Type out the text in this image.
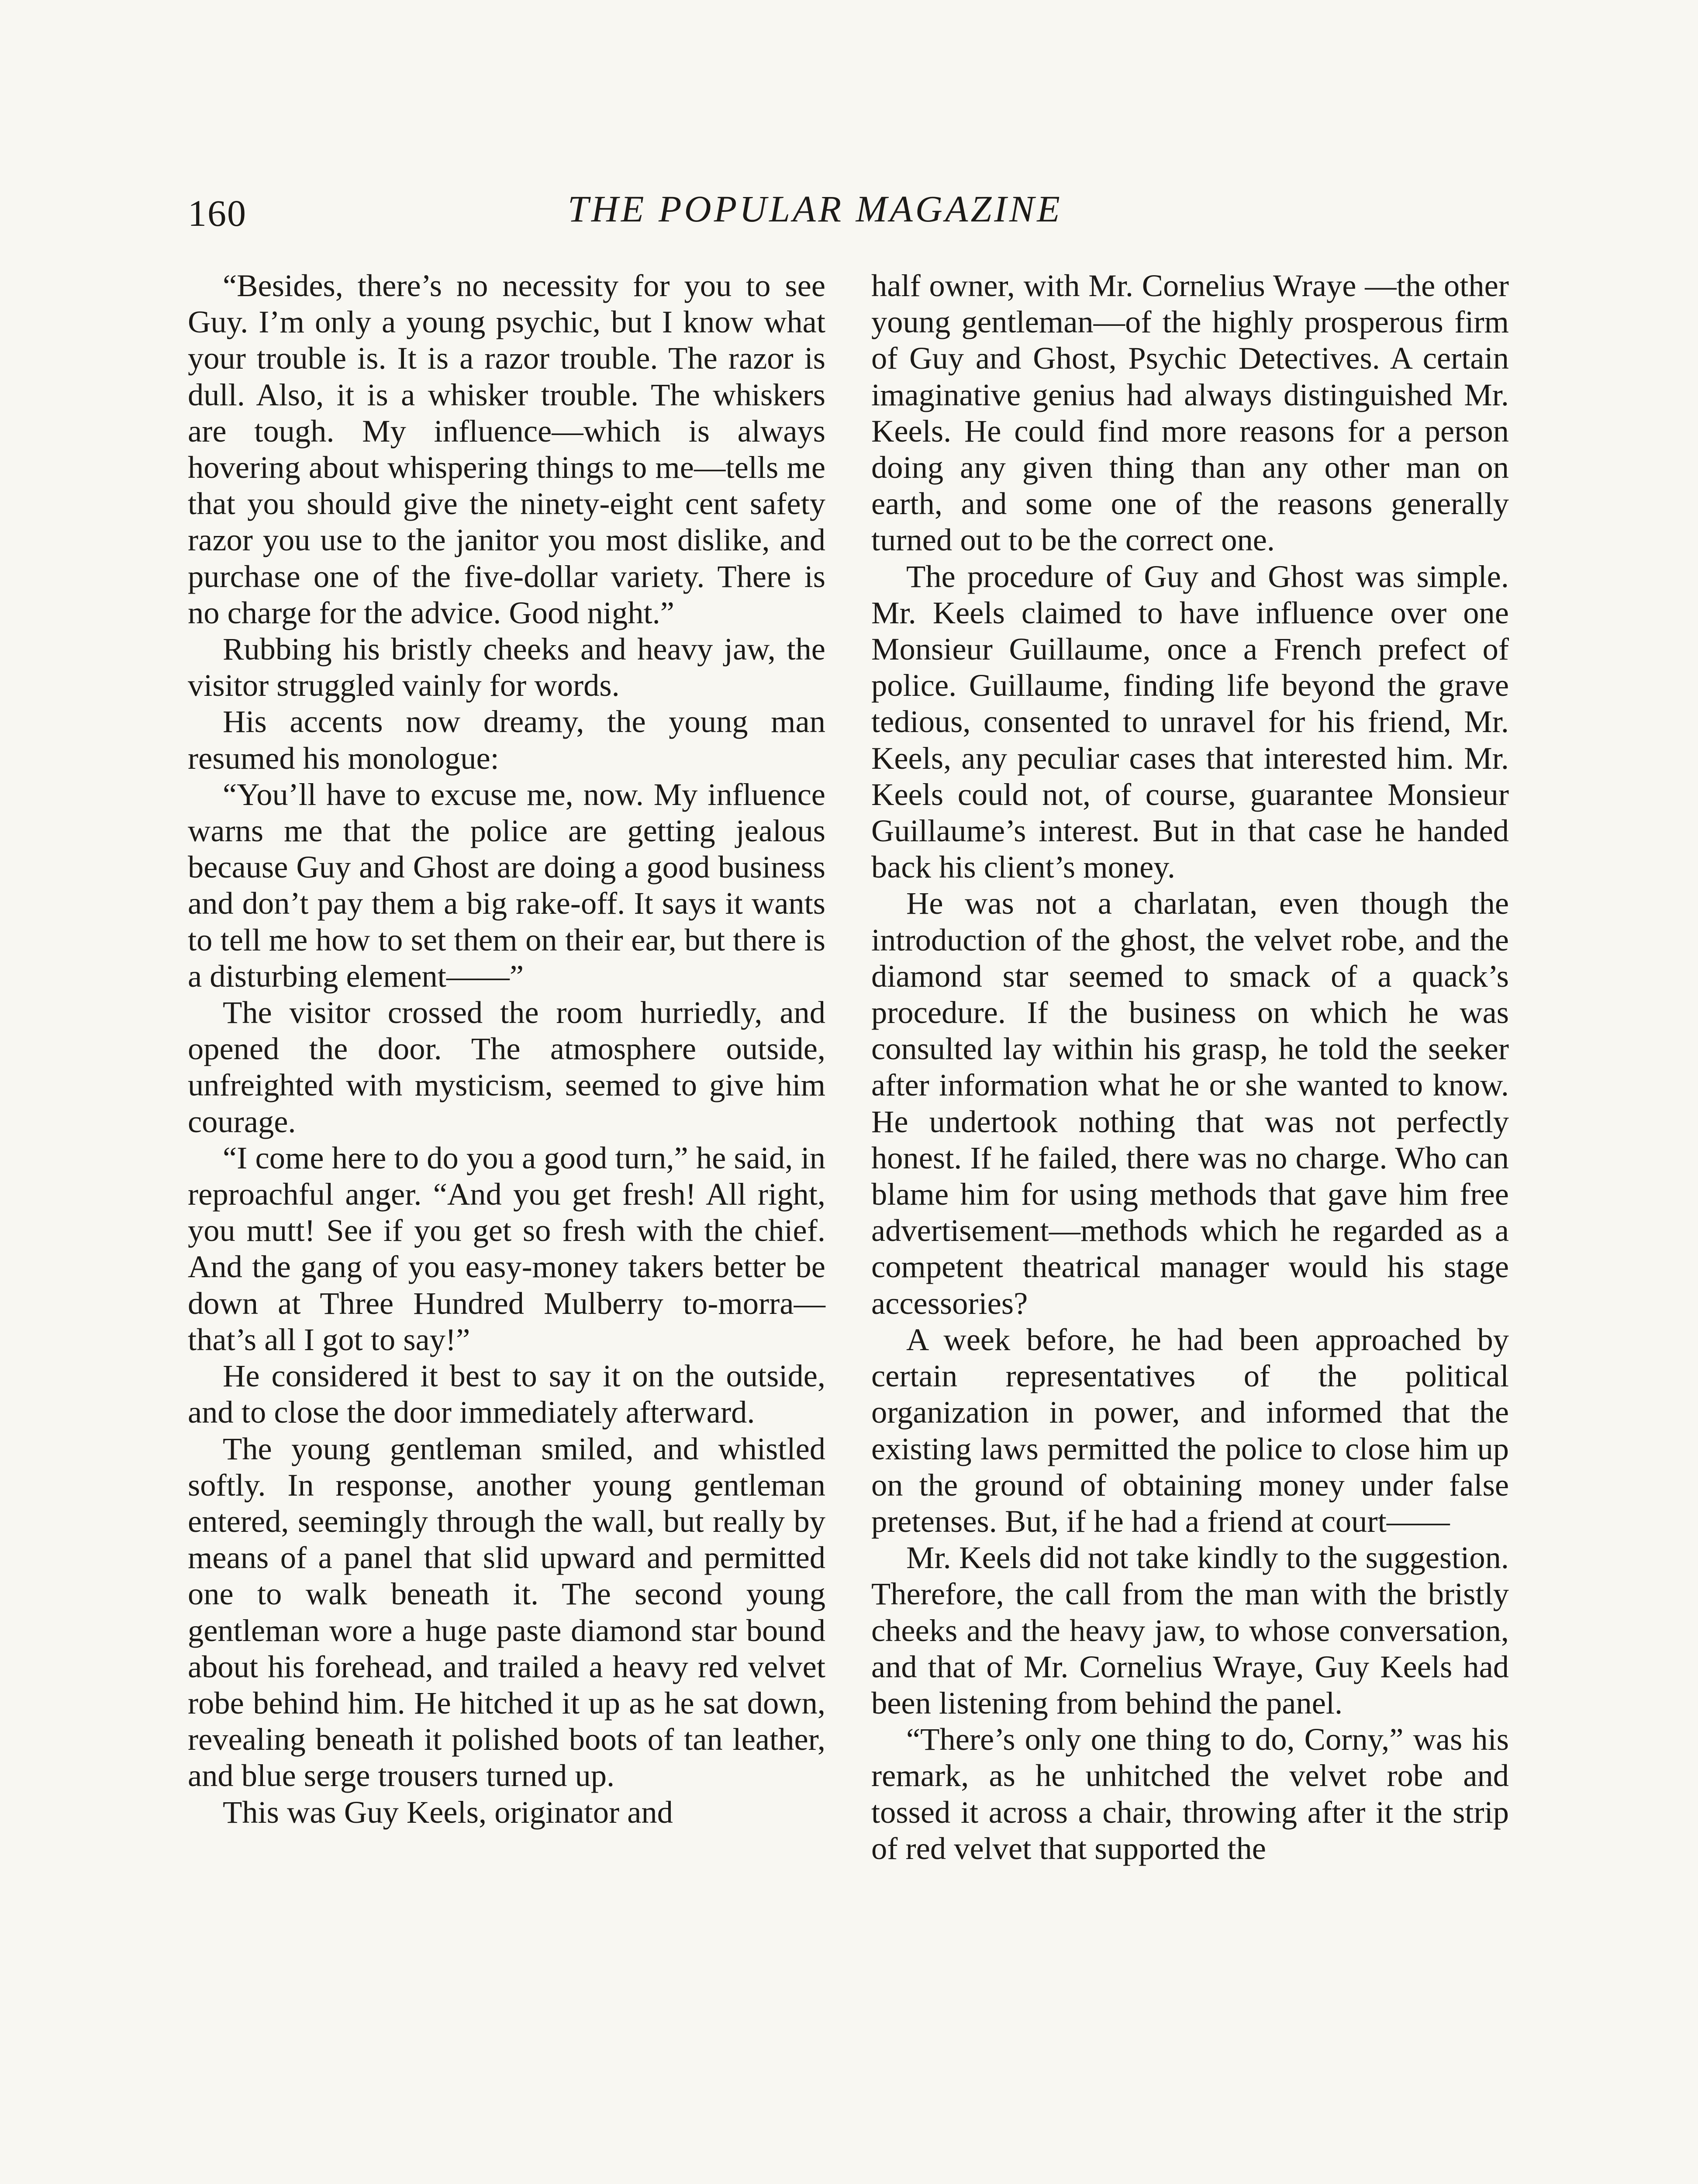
160	THE POPULAR MAGAZINE

“Besides, there’s no necessity for you to see Guy. I’m only a young psychic, but I know what your trouble is. It is a razor trouble. The razor is dull. Also, it is a whisker trouble. The whiskers are tough. My influence—which is always hovering about whispering things to me—tells me that you should give the ninety-eight cent safety razor you use to the janitor you most dislike, and purchase one of the five-dollar variety. There is no charge for the advice. Good night.”

Rubbing his bristly cheeks and heavy jaw, the visitor struggled vainly for words.

His accents now dreamy, the young man resumed his monologue:

“You’ll have to excuse me, now. My influence warns me that the police are getting jealous because Guy and Ghost are doing a good business and don’t pay them a big rake-off. It says it wants to tell me how to set them on their ear, but there is a disturbing element——”

The visitor crossed the room hurriedly, and opened the door. The atmosphere outside, unfreighted with mysticism, seemed to give him courage.

“I come here to do you a good turn,” he said, in reproachful anger. “And you get fresh! All right, you mutt! See if you get so fresh with the chief. And the gang of you easy-money takers better be down at Three Hundred Mulberry to-morra—that’s all I got to say!”

He considered it best to say it on the outside, and to close the door immediately afterward.

The young gentleman smiled, and whistled softly. In response, another young gentleman entered, seemingly through the wall, but really by means of a panel that slid upward and permitted one to walk beneath it. The second young gentleman wore a huge paste diamond star bound about his forehead, and trailed a heavy red velvet robe behind him. He hitched it up as he sat down, revealing beneath it polished boots of tan leather, and blue serge trousers turned up.

This was Guy Keels, originator and

half owner, with Mr. Cornelius Wraye —the other young gentleman—of the highly prosperous firm of Guy and Ghost, Psychic Detectives. A certain imaginative genius had always distinguished Mr. Keels. He could find more reasons for a person doing any given thing than any other man on earth, and some one of the reasons generally turned out to be the correct one.

The procedure of Guy and Ghost was simple. Mr. Keels claimed to have influence over one Monsieur Guillaume, once a French prefect of police. Guillaume, finding life beyond the grave tedious, consented to unravel for his friend, Mr. Keels, any peculiar cases that interested him. Mr. Keels could not, of course, guarantee Monsieur Guillaume’s interest. But in that case he handed back his client’s money.

He was not a charlatan, even though the introduction of the ghost, the velvet robe, and the diamond star seemed to smack of a quack’s procedure. If the business on which he was consulted lay within his grasp, he told the seeker after information what he or she wanted to know. He undertook nothing that was not perfectly honest. If he failed, there was no charge. Who can blame him for using methods that gave him free advertisement—methods which he regarded as a competent theatrical manager would his stage accessories?

A week before, he had been approached by certain representatives of the political organization in power, and informed that the existing laws permitted the police to close him up on the ground of obtaining money under false pretenses. But, if he had a friend at court——

Mr. Keels did not take kindly to the suggestion. Therefore, the call from the man with the bristly cheeks and the heavy jaw, to whose conversation, and that of Mr. Cornelius Wraye, Guy Keels had been listening from behind the panel.

“There’s only one thing to do, Corny,” was his remark, as he unhitched the velvet robe and tossed it across a chair, throwing after it the strip of red velvet that supported the
